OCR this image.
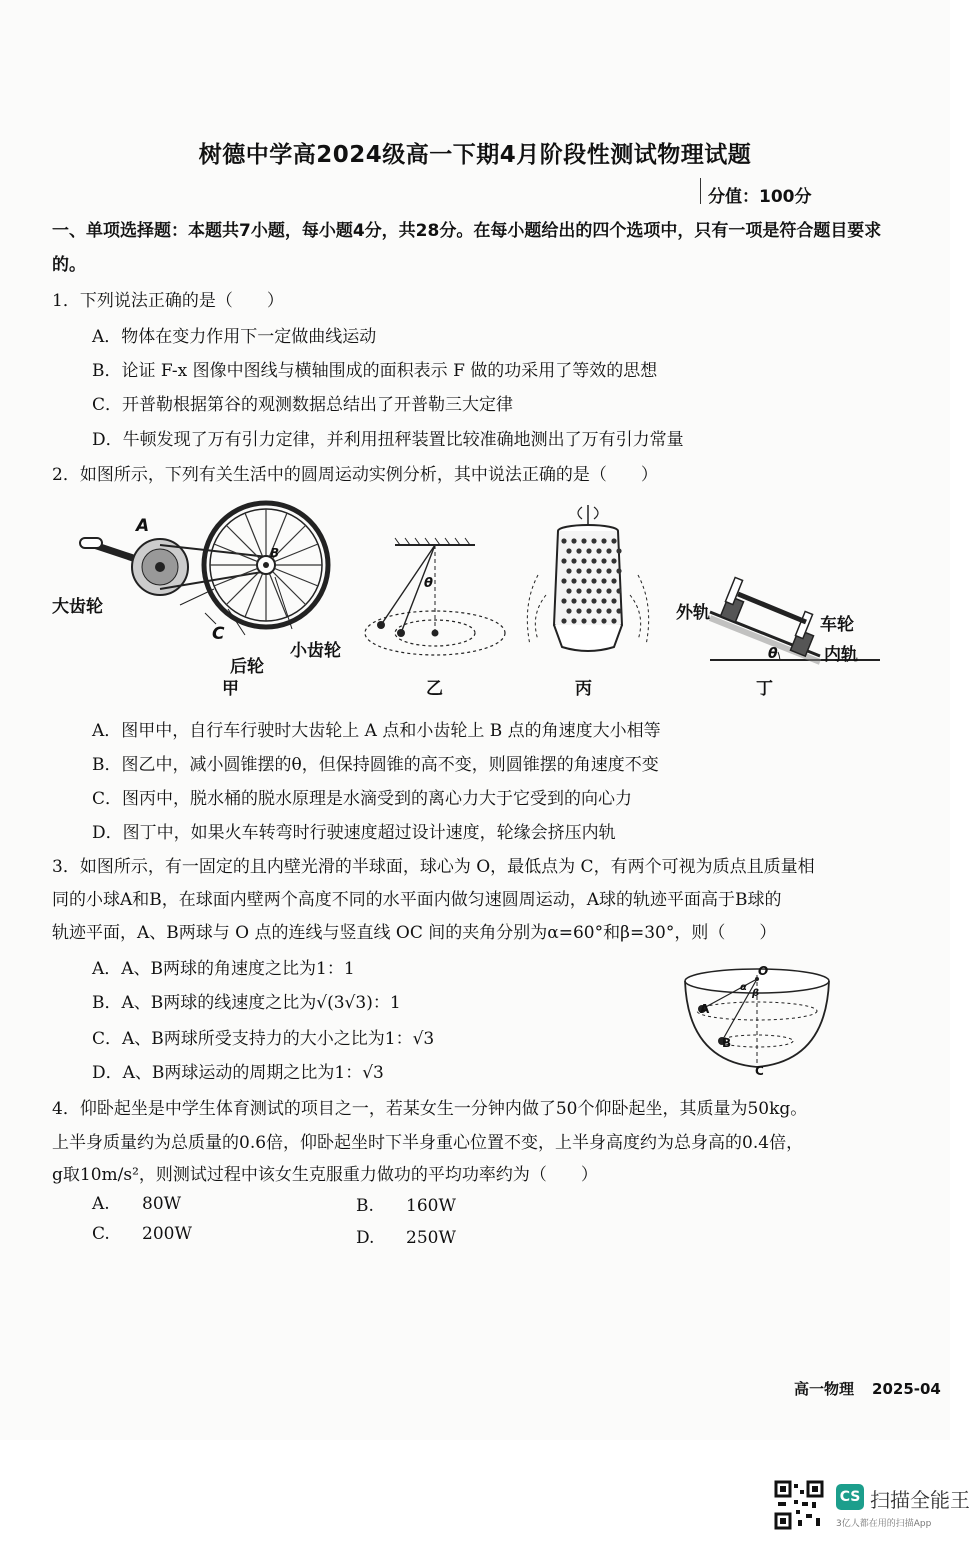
树德中学高2024级高一下期4月阶段性测试物理试题
分值：100分
一、单项选择题：本题共7小题，每小题4分，共28分。在每小题给出的四个选项中，只有一项是符合题目要求的。
1．下列说法正确的是（　　）
A．物体在变力作用下一定做曲线运动
B．论证 F-x 图像中图线与横轴围成的面积表示 F 做的功采用了等效的思想
C．开普勒根据第谷的观测数据总结出了开普勒三大定律
D．牛顿发现了万有引力定律，并利用扭秤装置比较准确地测出了万有引力常量
2．如图所示，下列有关生活中的圆周运动实例分析，其中说法正确的是（　　）
A
B
大齿轮
C
小齿轮
后轮
甲
θ
乙	丙
外轨
车轮
内轨
θ
丁
A．图甲中，自行车行驶时大齿轮上 A 点和小齿轮上 B 点的角速度大小相等
B．图乙中，减小圆锥摆的θ，但保持圆锥的高不变，则圆锥摆的角速度不变
C．图丙中，脱水桶的脱水原理是水滴受到的离心力大于它受到的向心力
D．图丁中，如果火车转弯时行驶速度超过设计速度，轮缘会挤压内轨
3．如图所示，有一固定的且内壁光滑的半球面，球心为 O，最低点为 C，有两个可视为质点且质量相
同的小球A和B，在球面内壁两个高度不同的水平面内做匀速圆周运动，A球的轨迹平面高于B球的
轨迹平面，A、B两球与 O 点的连线与竖直线 OC 间的夹角分别为α=60°和β=30°，则（　　）
A．A、B两球的角速度之比为1：1
B．A、B两球的线速度之比为√(3√3)：1
C．A、B两球所受支持力的大小之比为1：√3
D．A、B两球运动的周期之比为1：√3
O
A
B
C
α
β
4．仰卧起坐是中学生体育测试的项目之一，若某女生一分钟内做了50个仰卧起坐，其质量为50kg。
上半身质量约为总质量的0.6倍，仰卧起坐时下半身重心位置不变，上半身高度约为总身高的0.4倍，
g取10m/s²，则测试过程中该女生克服重力做功的平均功率约为（　　）
A. 80W	B. 160W
C. 200W	D. 250W
高一物理 2025-04
CS 扫描全能王
3亿人都在用的扫描App
